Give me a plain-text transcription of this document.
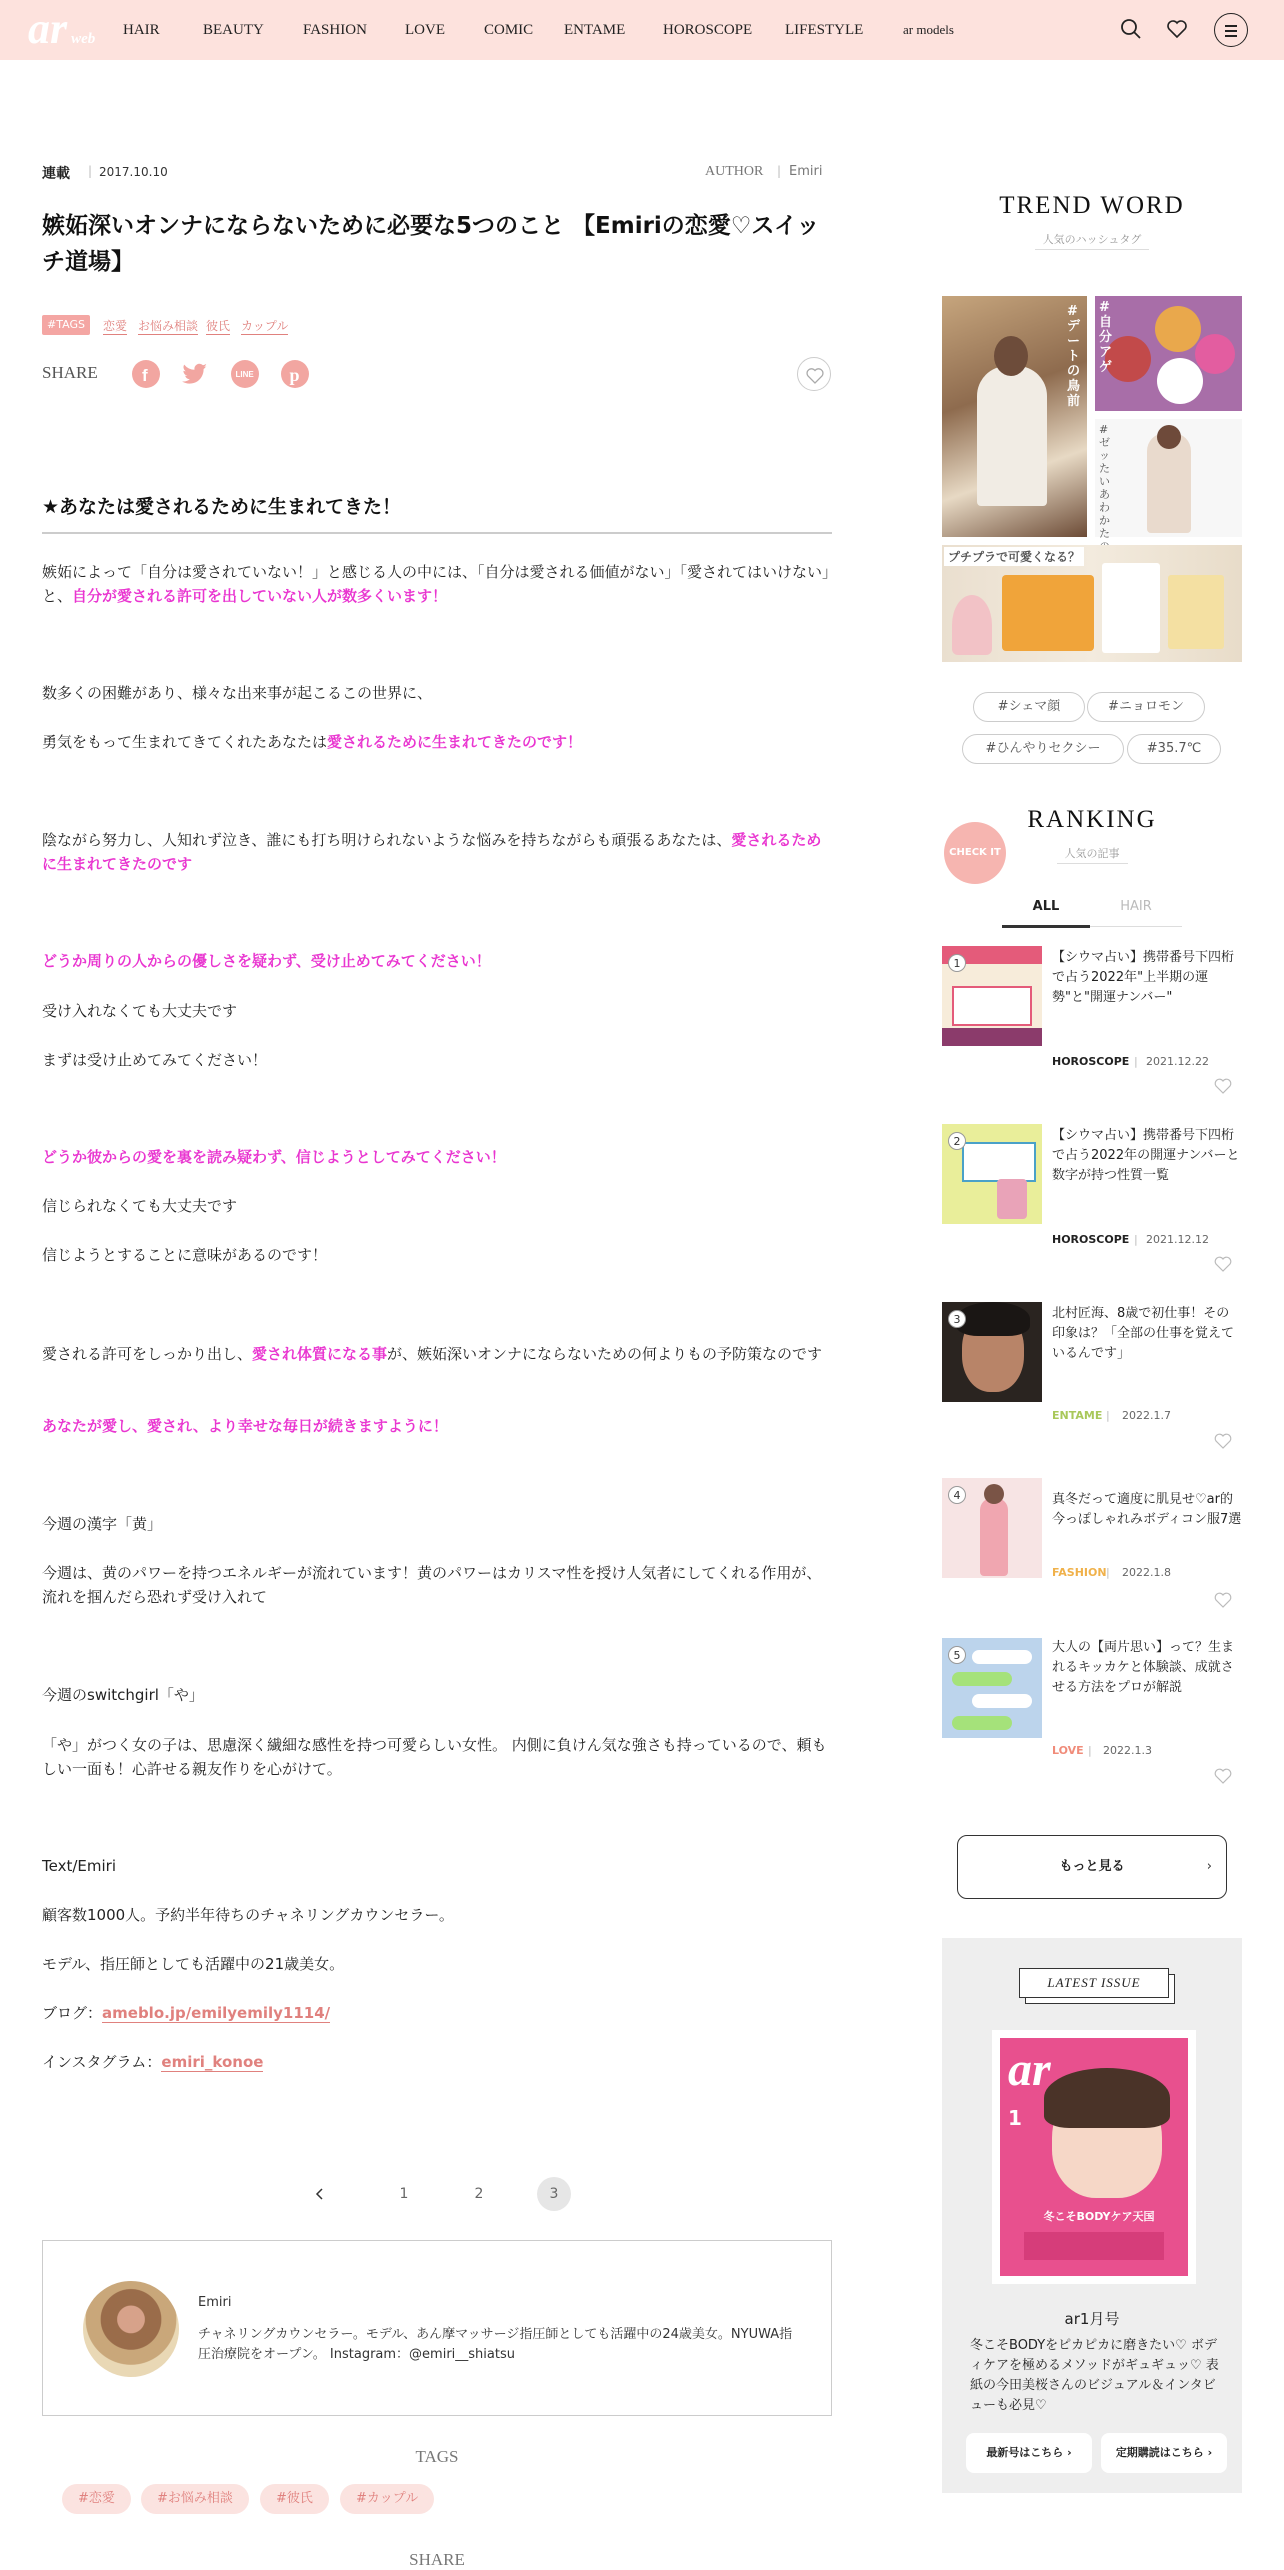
ar web
HAIR	BEAUTY	FASHION	LOVE	COMIC ENTAME	HOROSCOPE LIFESTYLE	ar models
連載 | 2017.10.10	AUTHOR | Emiri
嫉妬深いオンナにならないために必要な5つのこと 【Emiriの恋愛♡スイッチ道場】
#TAGS	恋愛 お悩み相談 彼氏 カップル
SHARE	f	LINE p
★あなたは愛されるために生まれてきた！
嫉妬によって「自分は愛されていない！」と感じる人の中には、「自分は愛される価値がない」「愛されてはいけない」と、自分が愛される許可を出していない人が数多くいます！
数多くの困難があり、様々な出来事が起こるこの世界に、
勇気をもって生まれてきてくれたあなたは愛されるために生まれてきたのです！
陰ながら努力し、人知れず泣き、誰にも打ち明けられないような悩みを持ちながらも頑張るあなたは、愛されるために生まれてきたのです
どうか周りの人からの優しさを疑わず、受け止めてみてください！
受け入れなくても大丈夫です
まずは受け止めてみてください！
どうか彼からの愛を裏を読み疑わず、信じようとしてみてください！
信じられなくても大丈夫です
信じようとすることに意味があるのです！
愛される許可をしっかり出し、愛され体質になる事が、嫉妬深いオンナにならないための何よりもの予防策なのです
あなたが愛し、愛され、より幸せな毎日が続きますように！
今週の漢字「黄」
今週は、黄のパワーを持つエネルギーが流れています！黄のパワーはカリスマ性を授け人気者にしてくれる作用が、流れを掴んだら恐れず受け入れて
今週のswitchgirl「や」
「や」がつく女の子は、思慮深く繊細な感性を持つ可愛らしい女性。 内側に負けん気な強さも持っているので、頼もしい一面も！心許せる親友作りを心がけて。
Text/Emiri
顧客数1000人。予約半年待ちのチャネリングカウンセラー。
モデル、指圧師としても活躍中の21歳美女。
ブログ：ameblo.jp/emilyemily1114/
インスタグラム：emiri_konoe
1	2	3
Emiri
チャネリングカウンセラー。モデル、あん摩マッサージ指圧師としても活躍中の24歳美女。NYUWA指圧治療院をオープン。 Instagram：@emiri__shiatsu
TAGS
#恋愛	#お悩み相談	#彼氏	#カップル
SHARE
TREND WORD
人気のハッシュタグ
#デートの鳥前
#自分アゲ
#ゼッたいあわかた
プチプラで可愛くなる？
#シェマ顔	#ニョロモン
#ひんやりセクシー	#35.7℃
CHECK IT
RANKING
人気の記事
ALL	HAIR
1	【シウマ占い】携帯番号下四桁で占う2022年"上半期の運勢"と"開運ナンバー"
HOROSCOPE | 2021.12.22
2	【シウマ占い】携帯番号下四桁で占う2022年の開運ナンバーと数字が持つ性質一覧
HOROSCOPE | 2021.12.12
3	北村匠海、8歳で初仕事！その印象は？「全部の仕事を覚えているんです」
ENTAME | 2022.1.7
4	真冬だって適度に肌見せ♡ar的今っぽしゃれみボディコン服7選
FASHION | 2022.1.8
5
大人の【両片思い】って？生まれるキッカケと体験談、成就させる方法をプロが解説
LOVE | 2022.1.3
もっと見る	›
LATEST ISSUE
ar
1
冬こそBODYケア天国
ar1月号
冬こそBODYをピカピカに磨きたい♡ ボディケアを極めるメソッドがギュギュッ♡ 表紙の今田美桜さんのビジュアル＆インタビューも必見♡
最新号はこちら ›	定期購読はこちら ›
